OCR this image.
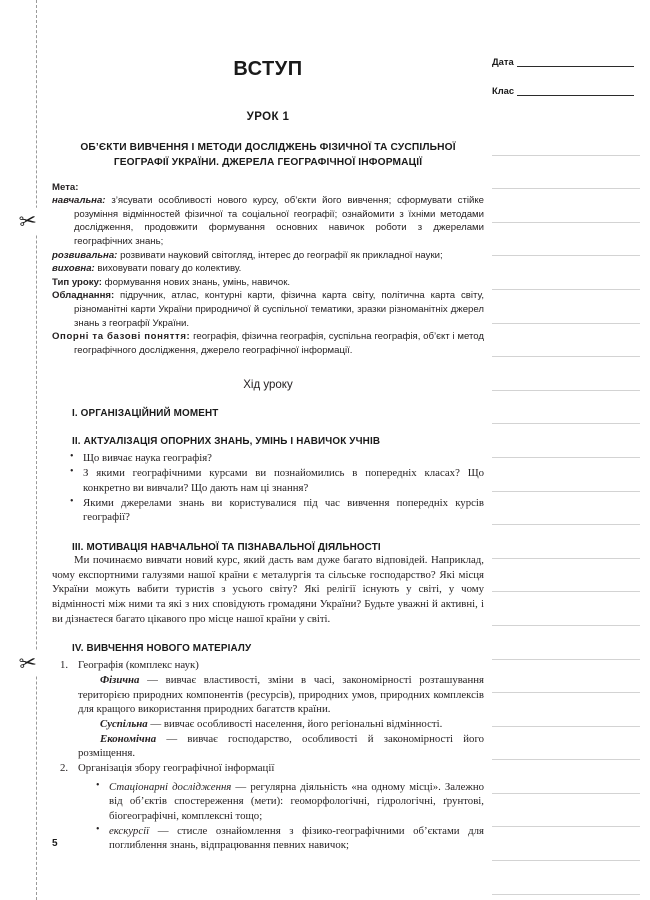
✂
✂
ВСТУП
УРОК 1
ОБ’ЄКТИ ВИВЧЕННЯ І МЕТОДИ ДОСЛІДЖЕНЬ ФІЗИЧНОЇ ТА СУСПІЛЬНОЇ ГЕОГРАФІЇ УКРАЇНИ. ДЖЕРЕЛА ГЕОГРАФІЧНОЇ ІНФОРМАЦІЇ

Мета:

навчальна: з’ясувати особливості нового курсу, об’єкти його вивчення; сформувати стійке розуміння відмінностей фізичної та соціальної географії; ознайомити з їхніми методами дослідження, продовжити формування основних навичок роботи з джерелами географічних знань;

розвивальна: розвивати науковий світогляд, інтерес до географії як прикладної науки;

виховна: виховувати повагу до колективу.

Тип уроку: формування нових знань, умінь, навичок.

Обладнання: підручник, атлас, контурні карти, фізична карта світу, політична карта світу, різноманітні карти України природничої й суспільної тематики, зразки різноманітніх джерел знань з географії України.

Опорні та базові поняття: географія, фізична географія, суспільна географія, об’єкт і метод географічного дослідження, джерело географічної інформації.

Хід уроку
I. ОРГАНІЗАЦІЙНИЙ МОМЕНТ
II. АКТУАЛІЗАЦІЯ ОПОРНИХ ЗНАНЬ, УМІНЬ І НАВИЧОК УЧНІВ
• Що вивчає наука географія?
• З якими географічними курсами ви познайомились в попередніх класах? Що конкретно ви вивчали? Що дають нам ці знання?
• Якими джерелами знань ви користувалися під час вивчення попередніх курсів географії?
III. МОТИВАЦІЯ НАВЧАЛЬНОЇ ТА ПІЗНАВАЛЬНОЇ ДІЯЛЬНОСТІ

Ми починаємо вивчати новий курс, який дасть вам дуже багато відповідей. Наприклад, чому експортними галузями нашої країни є металургія та сільське господарство? Які місця України можуть вабити туристів з усього світу? Які релігії існують у світі, у чому відмінності між ними та які з них сповідують громадяни України? Будьте уважні й активні, і ви дізнаєтеся багато цікавого про місце нашої країни у світі.

IV. ВИВЧЕННЯ НОВОГО МАТЕРІАЛУ
Географія (комплекс наук)

Фізична — вивчає властивості, зміни в часі, закономірності розташування територією природних компонентів (ресурсів), природних умов, природних комплексів для кращого використання природних багатств країни.

Суспільна — вивчає особливості населення, його регіональні відмінності.

Економічна — вивчає господарство, особливості й закономірності його розміщення.

Організація збору географічної інформації
• Стаціонарні дослідження — регулярна діяльність «на одному місці». Залежно від об’єктів спостереження (мети): геоморфологічні, гідрологічні, ґрунтові, біогеографічні, комплексні тощо;
• екскурсії — стисле ознайомлення з фізико-географічними об’єктами для поглиблення знань, відпрацювання певних навичок;
5
Дата
Клас
